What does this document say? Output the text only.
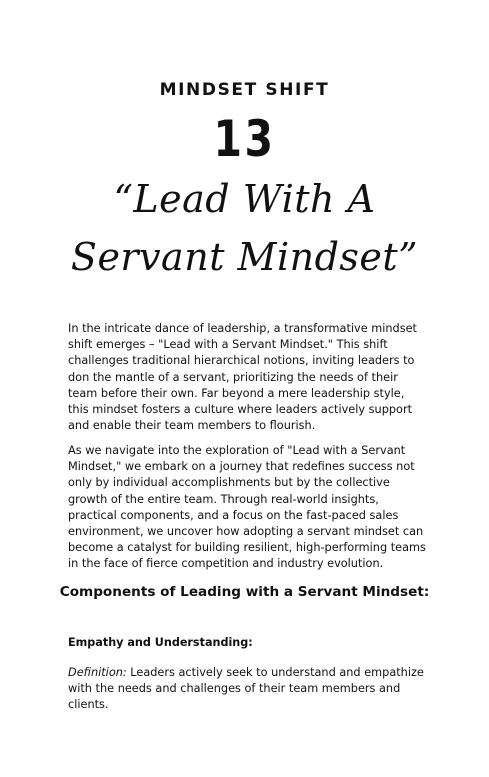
MINDSET SHIFT
13
“Lead With A
Servant Mindset”

In the intricate dance of leadership, a transformative mindset shift emerges – "Lead with a Servant Mindset." This shift challenges traditional hierarchical notions, inviting leaders to don the mantle of a servant, prioritizing the needs of their team before their own. Far beyond a mere leadership style, this mindset fosters a culture where leaders actively support and enable their team members to flourish.

As we navigate into the exploration of "Lead with a Servant Mindset," we embark on a journey that redefines success not only by individual accomplishments but by the collective growth of the entire team. Through real-world insights, practical components, and a focus on the fast-paced sales environment, we uncover how adopting a servant mindset can become a catalyst for building resilient, high-performing teams in the face of fierce competition and industry evolution.

Components of Leading with a Servant Mindset:
Empathy and Understanding:

Definition: Leaders actively seek to understand and empathize with the needs and challenges of their team members and clients.
